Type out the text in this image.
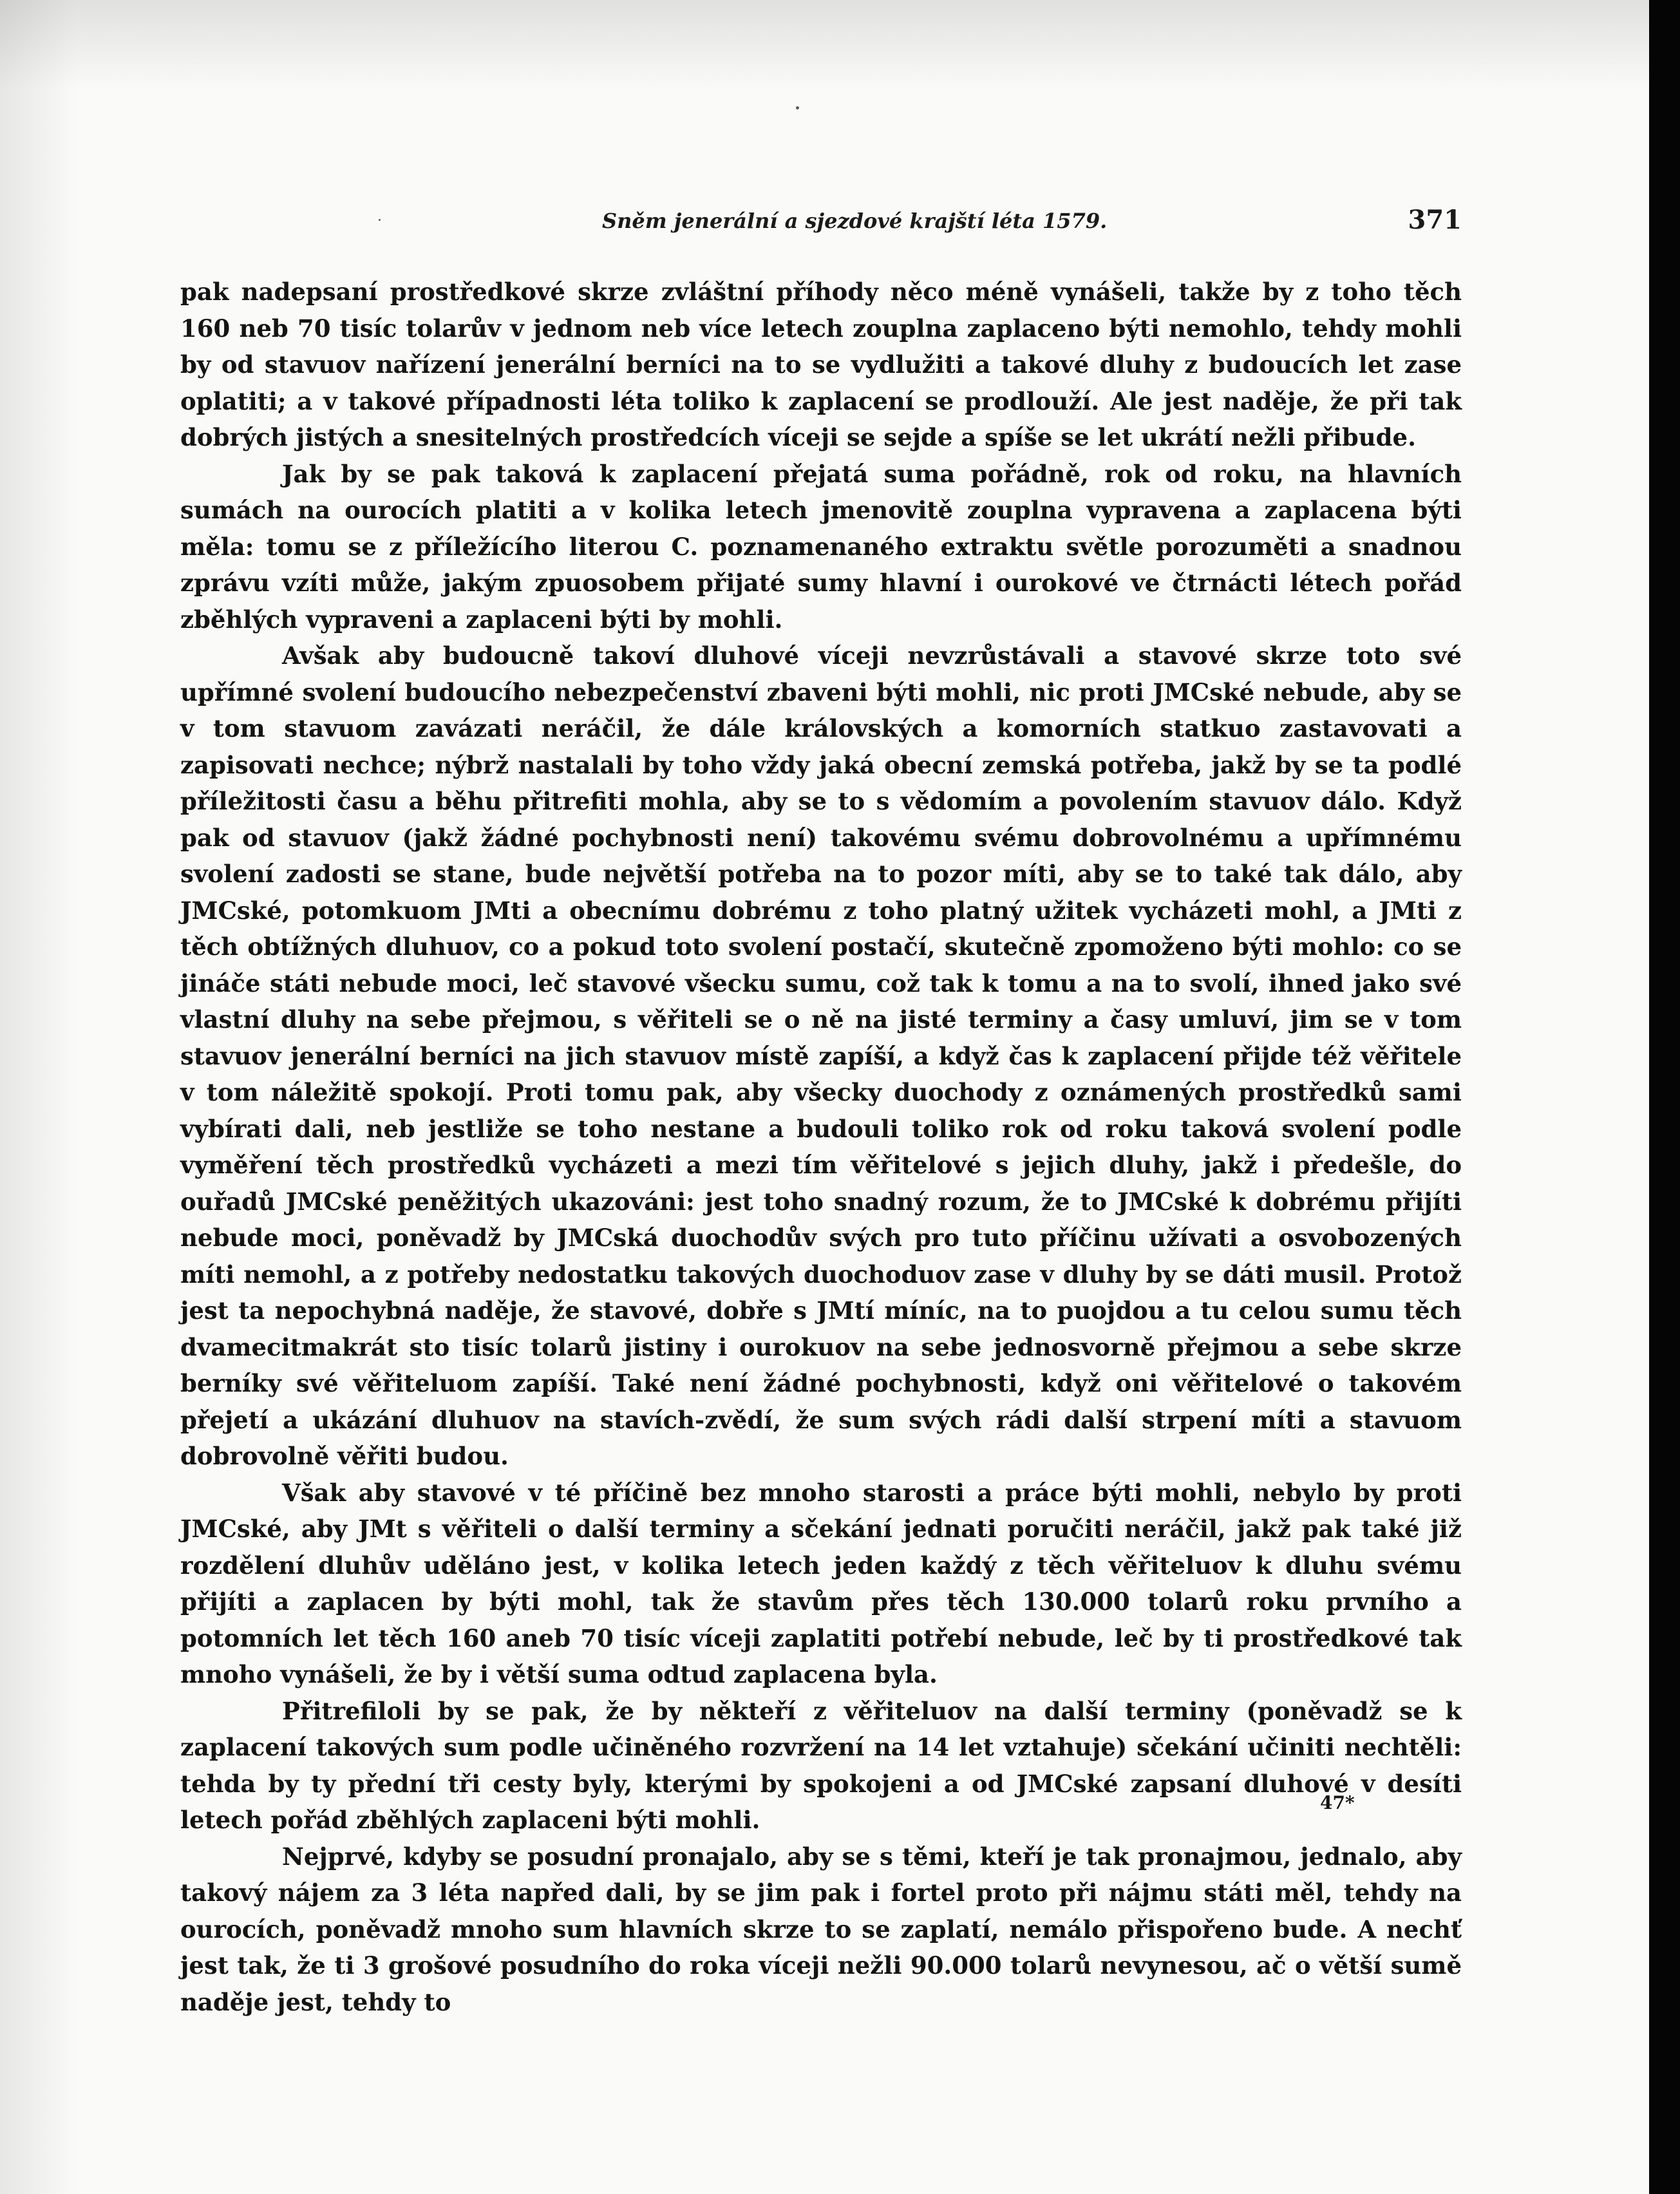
Sněm jenerální a sjezdové krajští léta 1579.	371

pak nadepsaní prostředkové skrze zvláštní příhody něco méně vynášeli, takže by z toho těch 160 neb 70 tisíc tolarův v jednom neb více letech zouplna zaplaceno býti nemohlo, tehdy mohli by od stavuov nařízení jenerální berníci na to se vydlužiti a takové dluhy z budoucích let zase oplatiti; a v takové případnosti léta toliko k zaplacení se prodlouží. Ale jest naděje, že při tak dobrých jistých a snesitelných prostředcích víceji se sejde a spíše se let ukrátí nežli přibude.

Jak by se pak taková k zaplacení přejatá suma pořádně, rok od roku, na hlavních sumách na ourocích platiti a v kolika letech jmenovitě zouplna vypravena a zaplacena býti měla: tomu se z příležícího literou C. poznamenaného extraktu světle porozuměti a snadnou zprávu vzíti může, jakým zpuosobem přijaté sumy hlavní i ourokové ve čtrnácti létech pořád zběhlých vypraveni a zaplaceni býti by mohli.

Avšak aby budoucně takoví dluhové víceji nevzrůstávali a stavové skrze toto své upřímné svolení budoucího nebezpečenství zbaveni býti mohli, nic proti JMCské nebude, aby se v tom stavuom zavázati neráčil, že dále královských a komorních statkuo zastavovati a zapisovati nechce; nýbrž nastalali by toho vždy jaká obecní zemská potřeba, jakž by se ta podlé příležitosti času a běhu přitrefiti mohla, aby se to s vědomím a povolením stavuov dálo. Když pak od stavuov (jakž žádné pochybnosti není) takovému svému dobrovolnému a upřímnému svolení zadosti se stane, bude největší potřeba na to pozor míti, aby se to také tak dálo, aby JMCské, potomkuom JMti a obecnímu dobrému z toho platný užitek vycházeti mohl, a JMti z těch obtížných dluhuov, co a pokud toto svolení postačí, skutečně zpomoženo býti mohlo: co se jináče státi nebude moci, leč stavové všecku sumu, což tak k tomu a na to svolí, ihned jako své vlastní dluhy na sebe přejmou, s věřiteli se o ně na jisté terminy a časy umluví, jim se v tom stavuov jenerální berníci na jich stavuov místě zapíší, a když čas k zaplacení přijde též věřitele v tom náležitě spokojí. Proti tomu pak, aby všecky duochody z oznámených prostředků sami vybírati dali, neb jestliže se toho nestane a budouli toliko rok od roku taková svolení podle vyměření těch prostředků vycházeti a mezi tím věřitelové s jejich dluhy, jakž i předešle, do ouřadů JMCské peněžitých ukazováni: jest toho snadný rozum, že to JMCské k dobrému přijíti nebude moci, poněvadž by JMCská duochodův svých pro tuto příčinu užívati a osvobozených míti nemohl, a z potřeby nedostatku takových duochoduov zase v dluhy by se dáti musil. Protož jest ta nepochybná naděje, že stavové, dobře s JMtí míníc, na to puojdou a tu celou sumu těch dvamecitmakrát sto tisíc tolarů jistiny i ourokuov na sebe jednosvorně přejmou a sebe skrze berníky své věřiteluom zapíší. Také není žádné pochybnosti, když oni věřitelové o takovém přejetí a ukázání dluhuov na stavích-zvědí, že sum svých rádi další strpení míti a stavuom dobrovolně věřiti budou.

Však aby stavové v té příčině bez mnoho starosti a práce býti mohli, nebylo by proti JMCské, aby JMt s věřiteli o další terminy a sčekání jednati poručiti neráčil, jakž pak také již rozdělení dluhův uděláno jest, v kolika letech jeden každý z těch věřiteluov k dluhu svému přijíti a zaplacen by býti mohl, tak že stavům přes těch 130.000 tolarů roku prvního a potomních let těch 160 aneb 70 tisíc víceji zaplatiti potřebí nebude, leč by ti prostředkové tak mnoho vynášeli, že by i větší suma odtud zaplacena byla.

Přitrefiloli by se pak, že by někteří z věřiteluov na další terminy (poněvadž se k zaplacení takových sum podle učiněného rozvržení na 14 let vztahuje) sčekání učiniti nechtěli: tehda by ty přední tři cesty byly, kterými by spokojeni a od JMCské zapsaní dluhové v desíti letech pořád zběhlých zaplaceni býti mohli.

Nejprvé, kdyby se posudní pronajalo, aby se s těmi, kteří je tak pronajmou, jednalo, aby takový nájem za 3 léta napřed dali, by se jim pak i fortel proto při nájmu státi měl, tehdy na ourocích, poněvadž mnoho sum hlavních skrze to se zaplatí, nemálo přispořeno bude. A nechť jest tak, že ti 3 grošové posudního do roka víceji nežli 90.000 tolarů nevynesou, ač o větší sumě naděje jest, tehdy to

47*
